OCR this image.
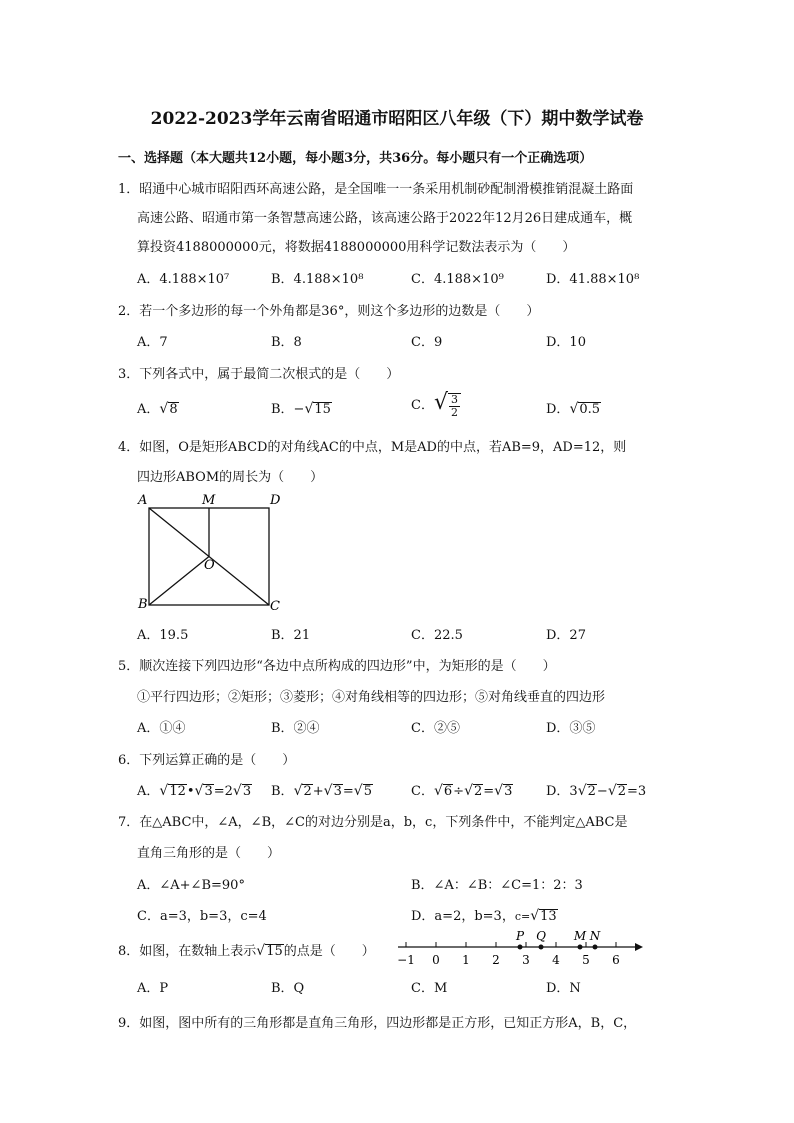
2022-2023学年云南省昭通市昭阳区八年级（下）期中数学试卷
一、选择题（本大题共12小题，每小题3分，共36分。每小题只有一个正确选项）
1．昭通中心城市昭阳西环高速公路，是全国唯一一条采用机制砂配制滑模推销混凝土路面
高速公路、昭通市第一条智慧高速公路，该高速公路于2022年12月26日建成通车，概
算投资4188000000元，将数据4188000000用科学记数法表示为（　　）
A．4.188×10⁷	B．4.188×10⁸	C．4.188×10⁹	D．41.88×10⁸
2．若一个多边形的每一个外角都是36°，则这个多边形的边数是（　　）
A．7	B．8	C．9	D．10
3．下列各式中，属于最简二次根式的是（　　）
A．√8	B．−√15	C．√ $\frac{3}{2}$	D．√0.5
4．如图，O是矩形ABCD的对角线AC的中点，M是AD的中点，若AB=9，AD=12，则
四边形ABOM的周长为（　　）
A	M	D
O
B	C
A．19.5	B．21	C．22.5	D．27
5．顺次连接下列四边形“各边中点所构成的四边形”中，为矩形的是（　　）
①平行四边形；②矩形；③菱形；④对角线相等的四边形；⑤对角线垂直的四边形
A．①④	B．②④	C．②⑤	D．③⑤
6．下列运算正确的是（　　）
A．√12•√3=2√3 B．√2+√3=√5	C．√6÷√2=√3	D．3√2−√2=3
7．在△ABC中，∠A，∠B，∠C的对边分别是a，b，c，下列条件中，不能判定△ABC是
直角三角形的是（　　）
A．∠A+∠B=90°	B．∠A：∠B：∠C=1：2：3
C．a=3，b=3，c=4	D．a=2，b=3，c=√13
8．如图，在数轴上表示√15的点是（　　）
−1 0 1 2 3 4 5 6
P Q M N
A．P	B．Q	C．M	D．N
9．如图，图中所有的三角形都是直角三角形，四边形都是正方形，已知正方形A，B，C，
